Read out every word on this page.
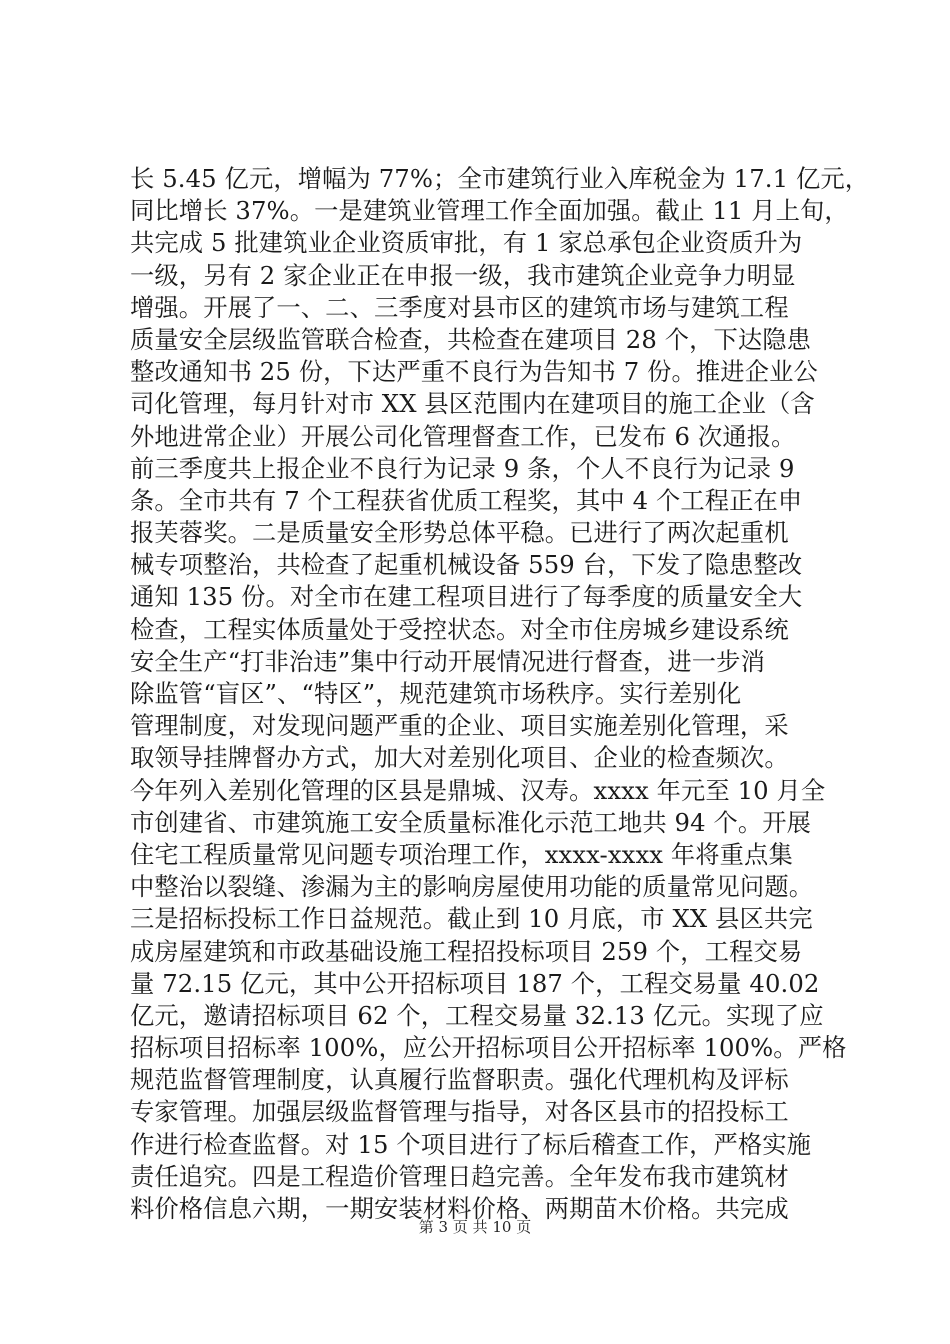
长 5.45 亿元，增幅为 77%；全市建筑行业入库税金为 17.1 亿元，
同比增长 37%。一是建筑业管理工作全面加强。截止 11 月上旬，
共完成 5 批建筑业企业资质审批，有 1 家总承包企业资质升为
一级，另有 2 家企业正在申报一级，我市建筑企业竞争力明显
增强。开展了一、二、三季度对县市区的建筑市场与建筑工程
质量安全层级监管联合检查，共检查在建项目 28 个，下达隐患
整改通知书 25 份，下达严重不良行为告知书 7 份。推进企业公
司化管理，每月针对市 XX 县区范围内在建项目的施工企业（含
外地进常企业）开展公司化管理督查工作，已发布 6 次通报。
前三季度共上报企业不良行为记录 9 条，个人不良行为记录 9
条。全市共有 7 个工程获省优质工程奖，其中 4 个工程正在申
报芙蓉奖。二是质量安全形势总体平稳。已进行了两次起重机
械专项整治，共检查了起重机械设备 559 台，下发了隐患整改
通知 135 份。对全市在建工程项目进行了每季度的质量安全大
检查，工程实体质量处于受控状态。对全市住房城乡建设系统
安全生产“打非治违”集中行动开展情况进行督查，进一步消
除监管“盲区”、“特区”，规范建筑市场秩序。实行差别化
管理制度，对发现问题严重的企业、项目实施差别化管理，采
取领导挂牌督办方式，加大对差别化项目、企业的检查频次。
今年列入差别化管理的区县是鼎城、汉寿。xxxx 年元至 10 月全
市创建省、市建筑施工安全质量标准化示范工地共 94 个。开展
住宅工程质量常见问题专项治理工作，xxxx-xxxx 年将重点集
中整治以裂缝、渗漏为主的影响房屋使用功能的质量常见问题。
三是招标投标工作日益规范。截止到 10 月底，市 XX 县区共完
成房屋建筑和市政基础设施工程招投标项目 259 个，工程交易
量 72.15 亿元，其中公开招标项目 187 个，工程交易量 40.02
亿元，邀请招标项目 62 个，工程交易量 32.13 亿元。实现了应
招标项目招标率 100%，应公开招标项目公开招标率 100%。严格
规范监督管理制度，认真履行监督职责。强化代理机构及评标
专家管理。加强层级监督管理与指导，对各区县市的招投标工
作进行检查监督。对 15 个项目进行了标后稽查工作，严格实施
责任追究。四是工程造价管理日趋完善。全年发布我市建筑材
料价格信息六期，一期安装材料价格、两期苗木价格。共完成
第 3 页 共 10 页
